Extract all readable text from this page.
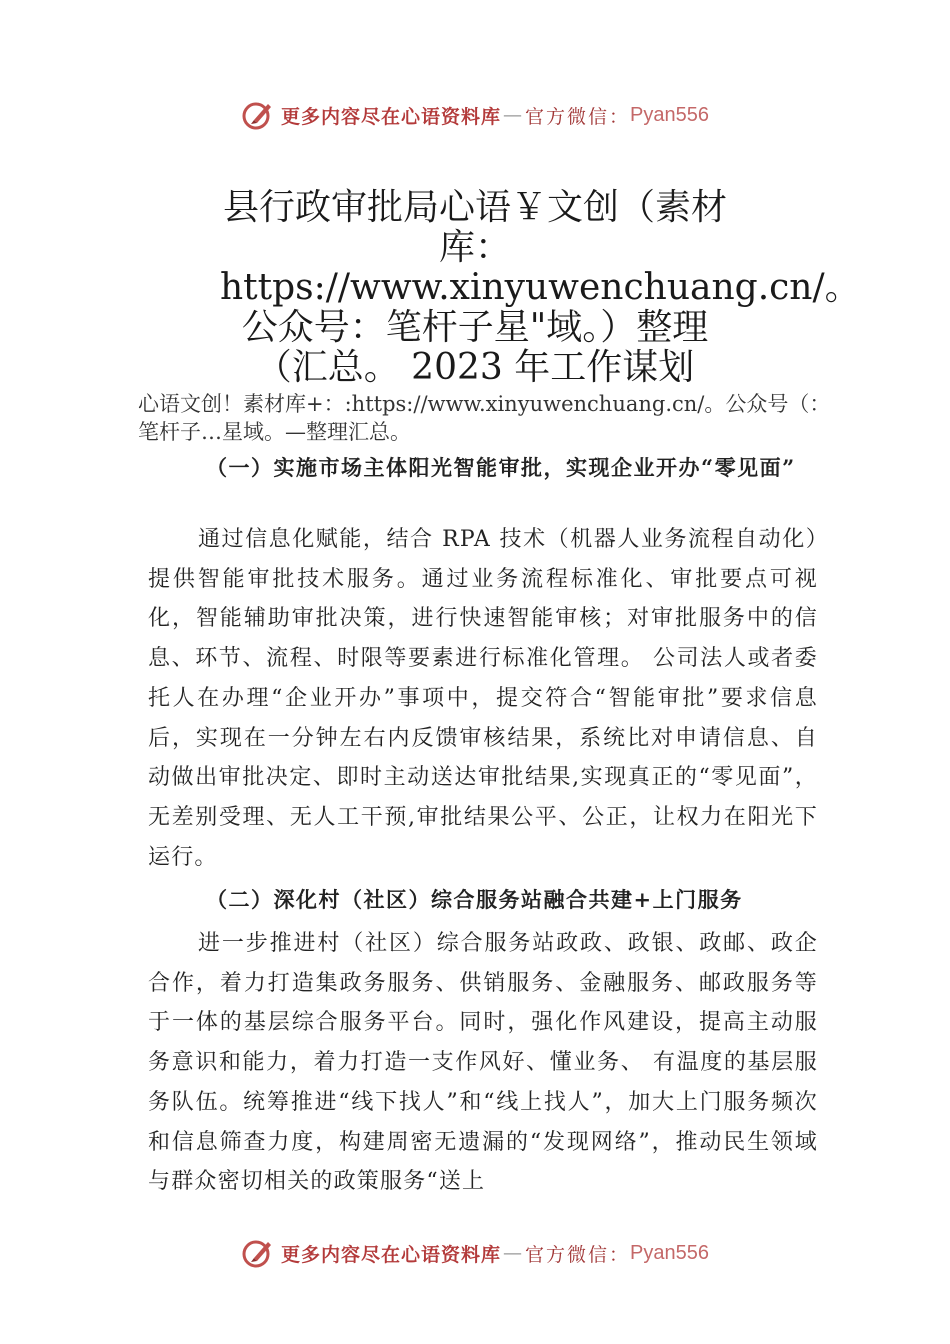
更多内容尽在心语资料库 — 官方微信： Pyan556
县行政审批局心语￥文创（素材库：https://www.xinyuwenchuang.cn/。公众号：笔杆子星"域。）整理（汇总。 2023 年工作谋划
心语文创！素材库+：:https://www.xinyuwenchuang.cn/。公众号（：笔杆子…星域。—整理汇总。
（一）实施市场主体阳光智能审批，实现企业开办“零见面”
通过信息化赋能，结合 RPA 技术（机器人业务流程自动化）提供智能审批技术服务。通过业务流程标准化、审批要点可视化，智能辅助审批决策，进行快速智能审核；对审批服务中的信息、环节、流程、时限等要素进行标准化管理。 公司法人或者委托人在办理“企业开办”事项中，提交符合“智能审批”要求信息后，实现在一分钟左右内反馈审核结果，系统比对申请信息、自动做出审批决定、即时主动送达审批结果,实现真正的“零见面”，无差别受理、无人工干预,审批结果公平、公正，让权力在阳光下运行。
（二）深化村（社区）综合服务站融合共建+上门服务
进一步推进村（社区）综合服务站政政、政银、政邮、政企合作，着力打造集政务服务、供销服务、金融服务、邮政服务等于一体的基层综合服务平台。同时，强化作风建设，提高主动服务意识和能力，着力打造一支作风好、懂业务、 有温度的基层服务队伍。统筹推进“线下找人”和“线上找人”，加大上门服务频次和信息筛查力度，构建周密无遗漏的“发现网络”，推动民生领域与群众密切相关的政策服务“送上
更多内容尽在心语资料库 — 官方微信： Pyan556
